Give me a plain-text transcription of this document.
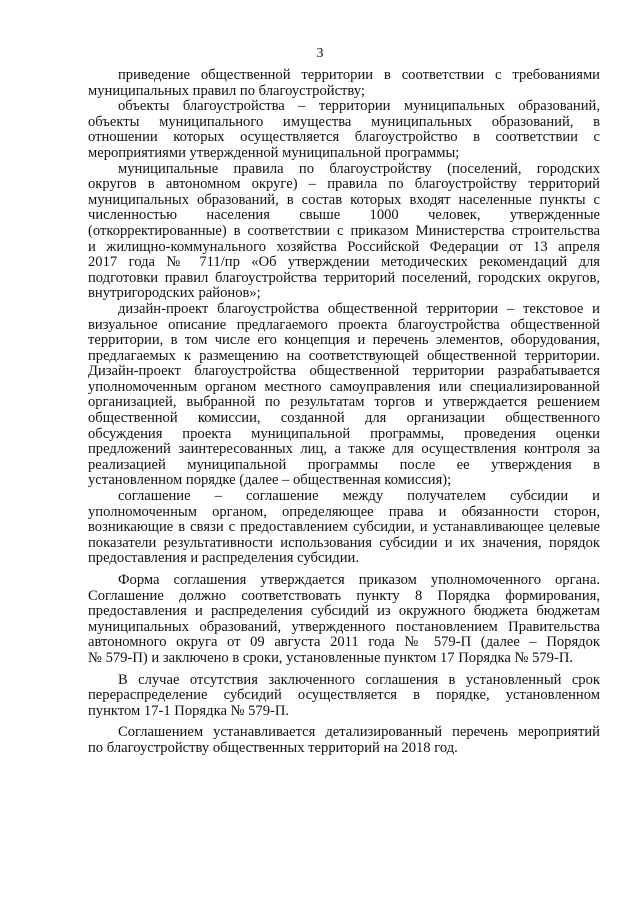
3
приведение общественной территории в соответствии с требованиями
муниципальных правил по благоустройству;
объекты благоустройства – территории муниципальных образований,
объекты муниципального имущества муниципальных образований, в
отношении которых осуществляется благоустройство в соответствии с
мероприятиями утвержденной муниципальной программы;
муниципальные правила по благоустройству (поселений, городских
округов в автономном округе) – правила по благоустройству территорий
муниципальных образований, в состав которых входят населенные пункты с
численностью населения свыше 1000 человек, утвержденные
(откорректированные) в соответствии с приказом Министерства строительства
и жилищно-коммунального хозяйства Российской Федерации от 13 апреля
2017 года № 711/пр «Об утверждении методических рекомендаций для
подготовки правил благоустройства территорий поселений, городских округов,
внутригородских районов»;
дизайн-проект благоустройства общественной территории – текстовое и
визуальное описание предлагаемого проекта благоустройства общественной
территории, в том числе его концепция и перечень элементов, оборудования,
предлагаемых к размещению на соответствующей общественной территории.
Дизайн-проект благоустройства общественной территории разрабатывается
уполномоченным органом местного самоуправления или специализированной
организацией, выбранной по результатам торгов и утверждается решением
общественной комиссии, созданной для организации общественного
обсуждения проекта муниципальной программы, проведения оценки
предложений заинтересованных лиц, а также для осуществления контроля за
реализацией муниципальной программы после ее утверждения в
установленном порядке (далее – общественная комиссия);
соглашение – соглашение между получателем субсидии и
уполномоченным органом, определяющее права и обязанности сторон,
возникающие в связи с предоставлением субсидии, и устанавливающее целевые
показатели результативности использования субсидии и их значения, порядок
предоставления и распределения субсидии.
Форма соглашения утверждается приказом уполномоченного органа.
Соглашение должно соответствовать пункту 8 Порядка формирования,
предоставления и распределения субсидий из окружного бюджета бюджетам
муниципальных образований, утвержденного постановлением Правительства
автономного округа от 09 августа 2011 года № 579-П (далее – Порядок
№ 579-П) и заключено в сроки, установленные пунктом 17 Порядка № 579-П.
В случае отсутствия заключенного соглашения в установленный срок
перераспределение субсидий осуществляется в порядке, установленном
пунктом 17-1 Порядка № 579-П.
Соглашением устанавливается детализированный перечень мероприятий
по благоустройству общественных территорий на 2018 год.
